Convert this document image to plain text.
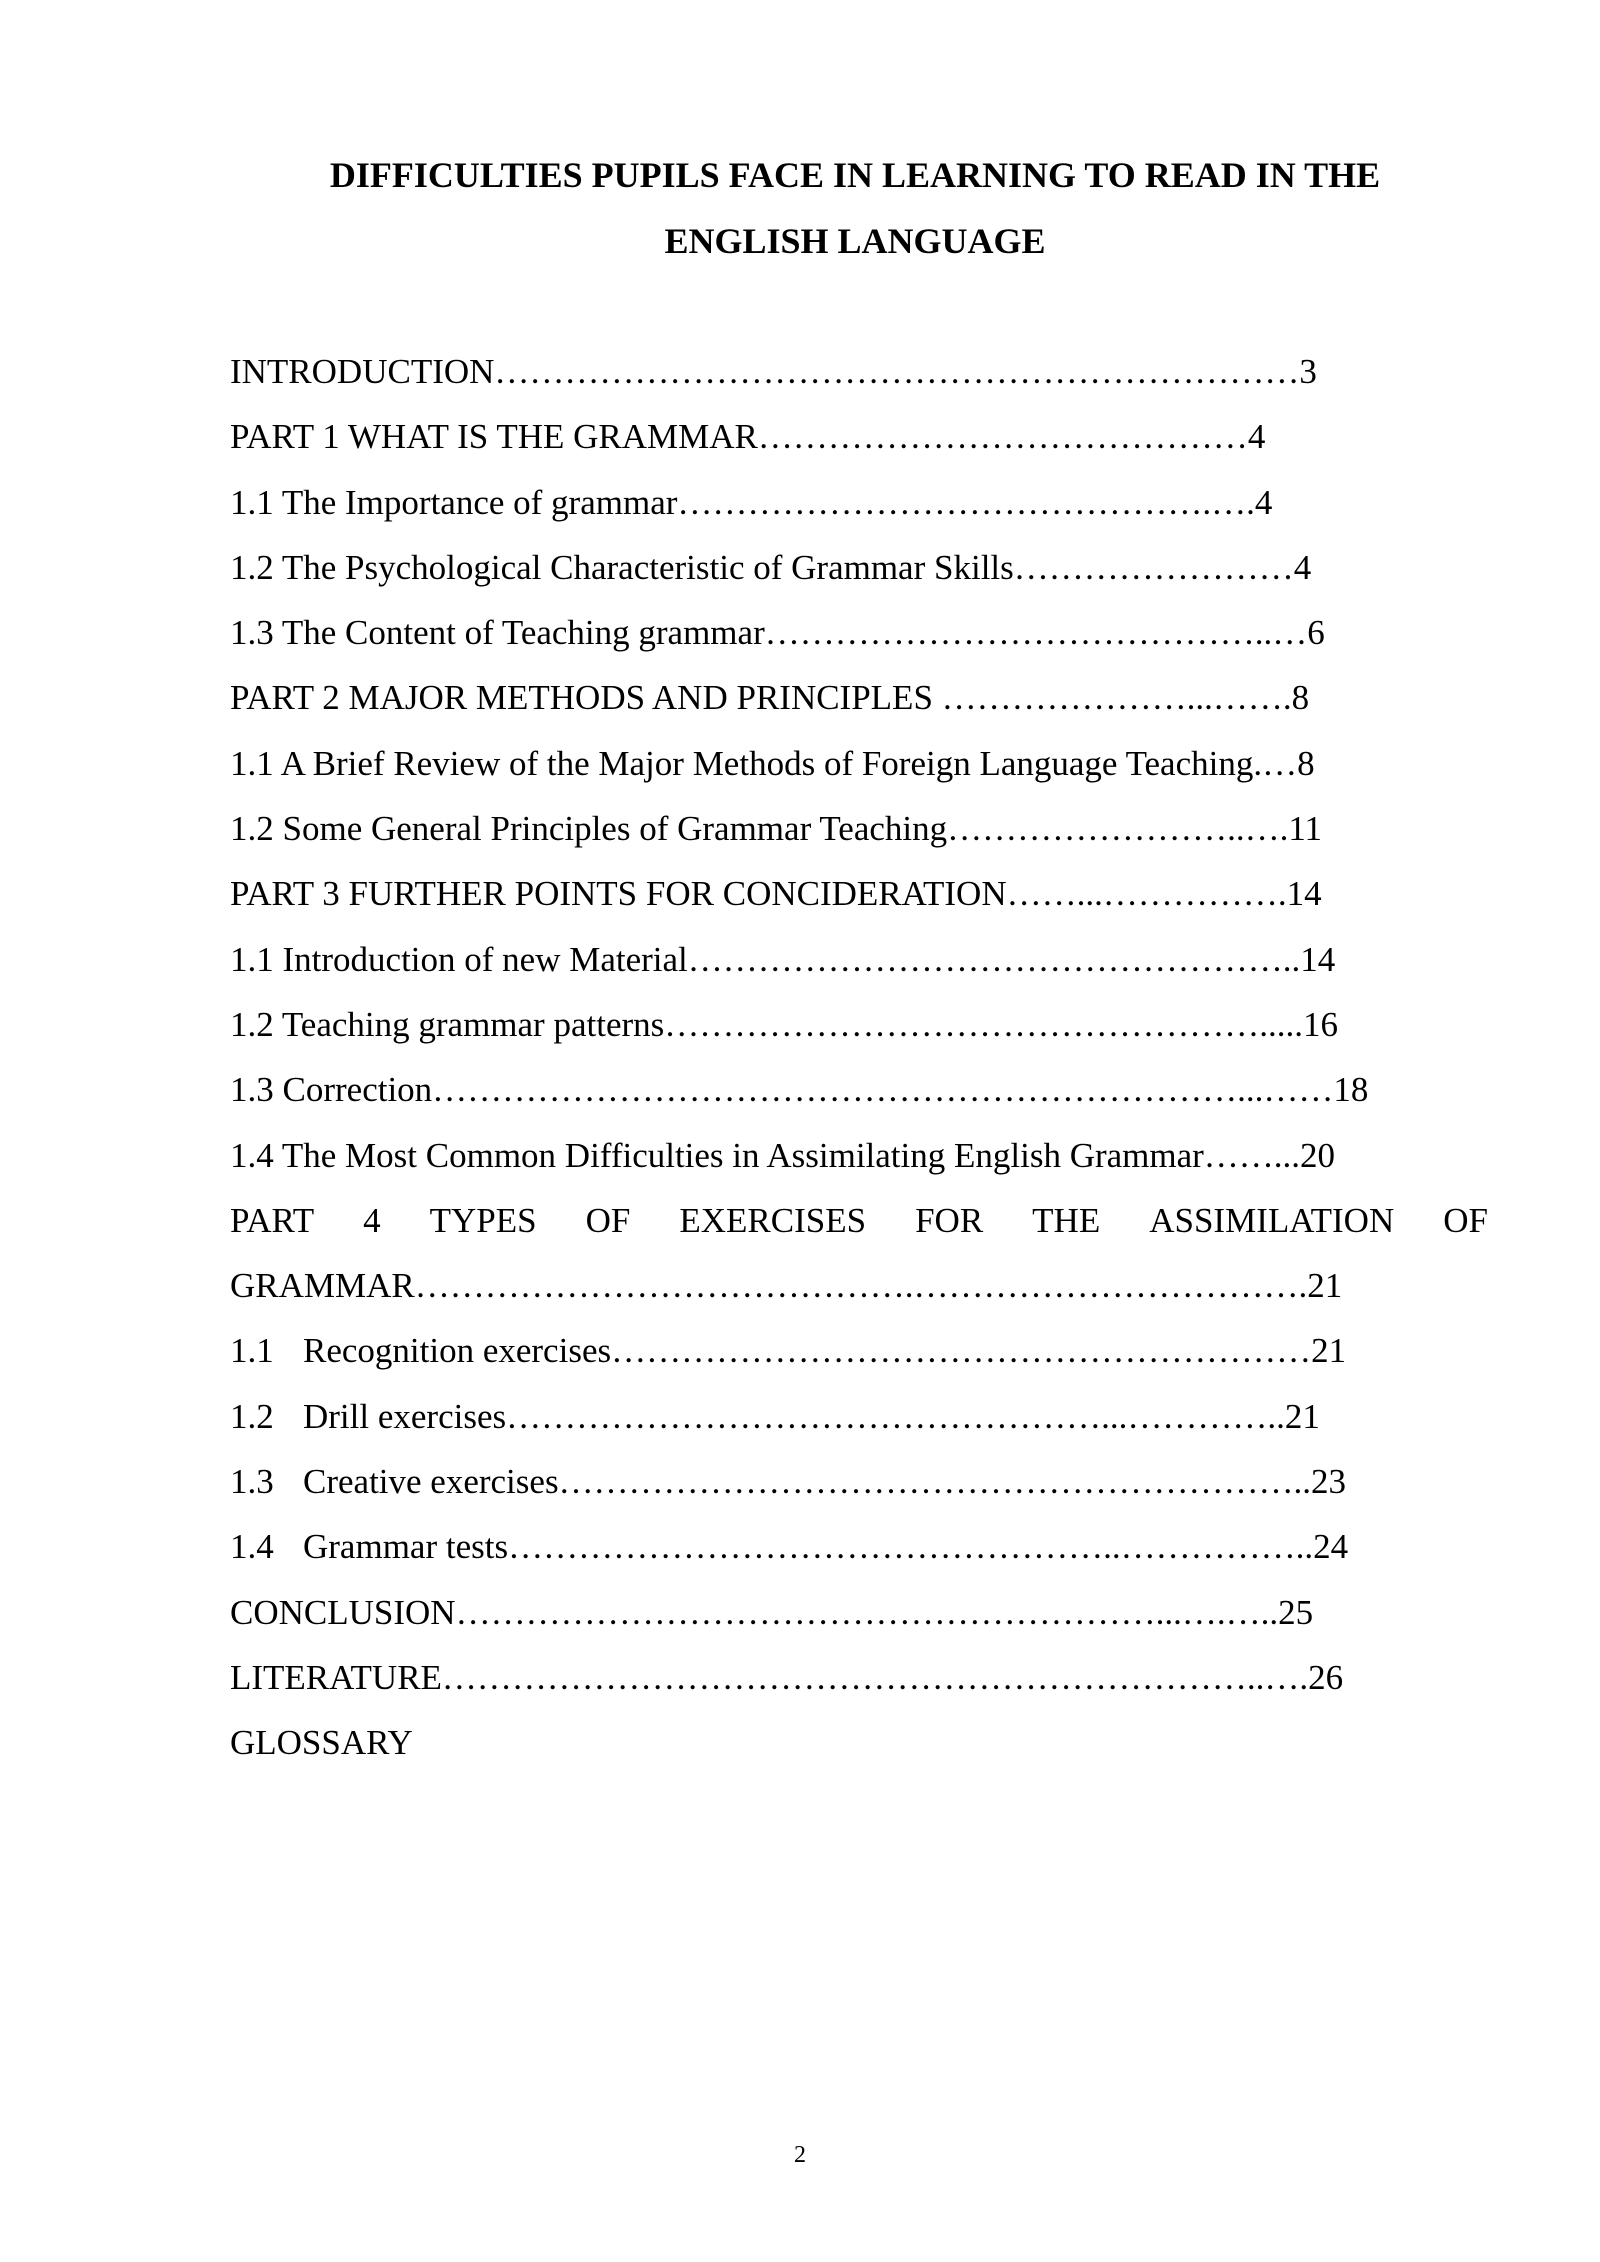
DIFFICULTIES PUPILS FACE IN LEARNING TO READ IN THE
ENGLISH LANGUAGE
INTRODUCTION……………………………………………………………3
PART 1 WHAT IS THE GRAMMAR……………………………………4
1.1 The Importance of grammar……………………………………….….4
1.2 The Psychological Characteristic of Grammar Skills……………………4
1.3 The Content of Teaching grammar……………………………………..…6
PART 2 MAJOR METHODS AND PRINCIPLES …………………...…….8
1.1 A Brief Review of the Major Methods of Foreign Language Teaching.…8
1.2 Some General Principles of Grammar Teaching……………………..….11
PART 3 FURTHER POINTS FOR CONCIDERATION……...…………….14
1.1 Introduction of new Material……………………………………………..14
1.2 Teaching grammar patterns…………………………………………….....16
1.3 Correction……………………………………………………………...……18
1.4 The Most Common Difficulties in Assimilating English Grammar……...20
PART 4 TYPES OF EXERCISES FOR THE ASSIMILATION OF
GRAMMAR…………………………………….…………………………….21
1.1 Recognition exercises……………………………………………………21
1.2 Drill exercises……………………………………………...…………..21
1.3 Creative exercises………………………………………………………..23
1.4 Grammar tests……………………………………………..……………..24
CONCLUSION……………………………………………………...….…..25
LITERATURE……………………………………………………………..….26
GLOSSARY
2
